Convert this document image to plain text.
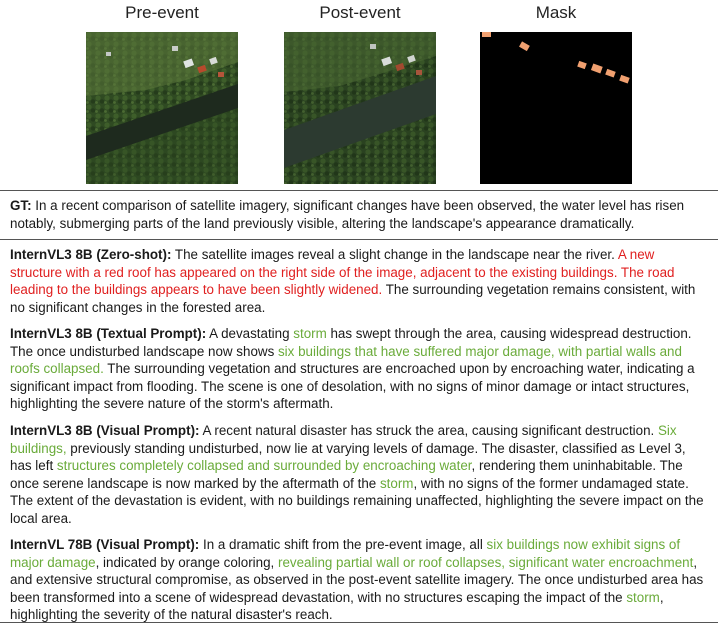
Pre-event	Post-event	Mask

GT: In a recent comparison of satellite imagery, significant changes have been observed, the water level has risen notably, submerging parts of the land previously visible, altering the landscape's appearance dramatically.

InternVL3 8B (Zero-shot): The satellite images reveal a slight change in the landscape near the river. A new structure with a red roof has appeared on the right side of the image, adjacent to the existing buildings. The road leading to the buildings appears to have been slightly widened. The surrounding vegetation remains consistent, with no significant changes in the forested area.

InternVL3 8B (Textual Prompt): A devastating storm has swept through the area, causing widespread destruction. The once undisturbed landscape now shows six buildings that have suffered major damage, with partial walls and roofs collapsed. The surrounding vegetation and structures are encroached upon by encroaching water, indicating a significant impact from flooding. The scene is one of desolation, with no signs of minor damage or intact structures, highlighting the severe nature of the storm's aftermath.

InternVL3 8B (Visual Prompt): A recent natural disaster has struck the area, causing significant destruction. Six buildings, previously standing undisturbed, now lie at varying levels of damage. The disaster, classified as Level 3, has left structures completely collapsed and surrounded by encroaching water, rendering them uninhabitable. The once serene landscape is now marked by the aftermath of the storm, with no signs of the former undamaged state. The extent of the devastation is evident, with no buildings remaining unaffected, highlighting the severe impact on the local area.

InternVL 78B (Visual Prompt): In a dramatic shift from the pre-event image, all six buildings now exhibit signs of major damage, indicated by orange coloring, revealing partial wall or roof collapses, significant water encroachment, and extensive structural compromise, as observed in the post-event satellite imagery. The once undisturbed area has been transformed into a scene of widespread devastation, with no structures escaping the impact of the storm, highlighting the severity of the natural disaster's reach.
